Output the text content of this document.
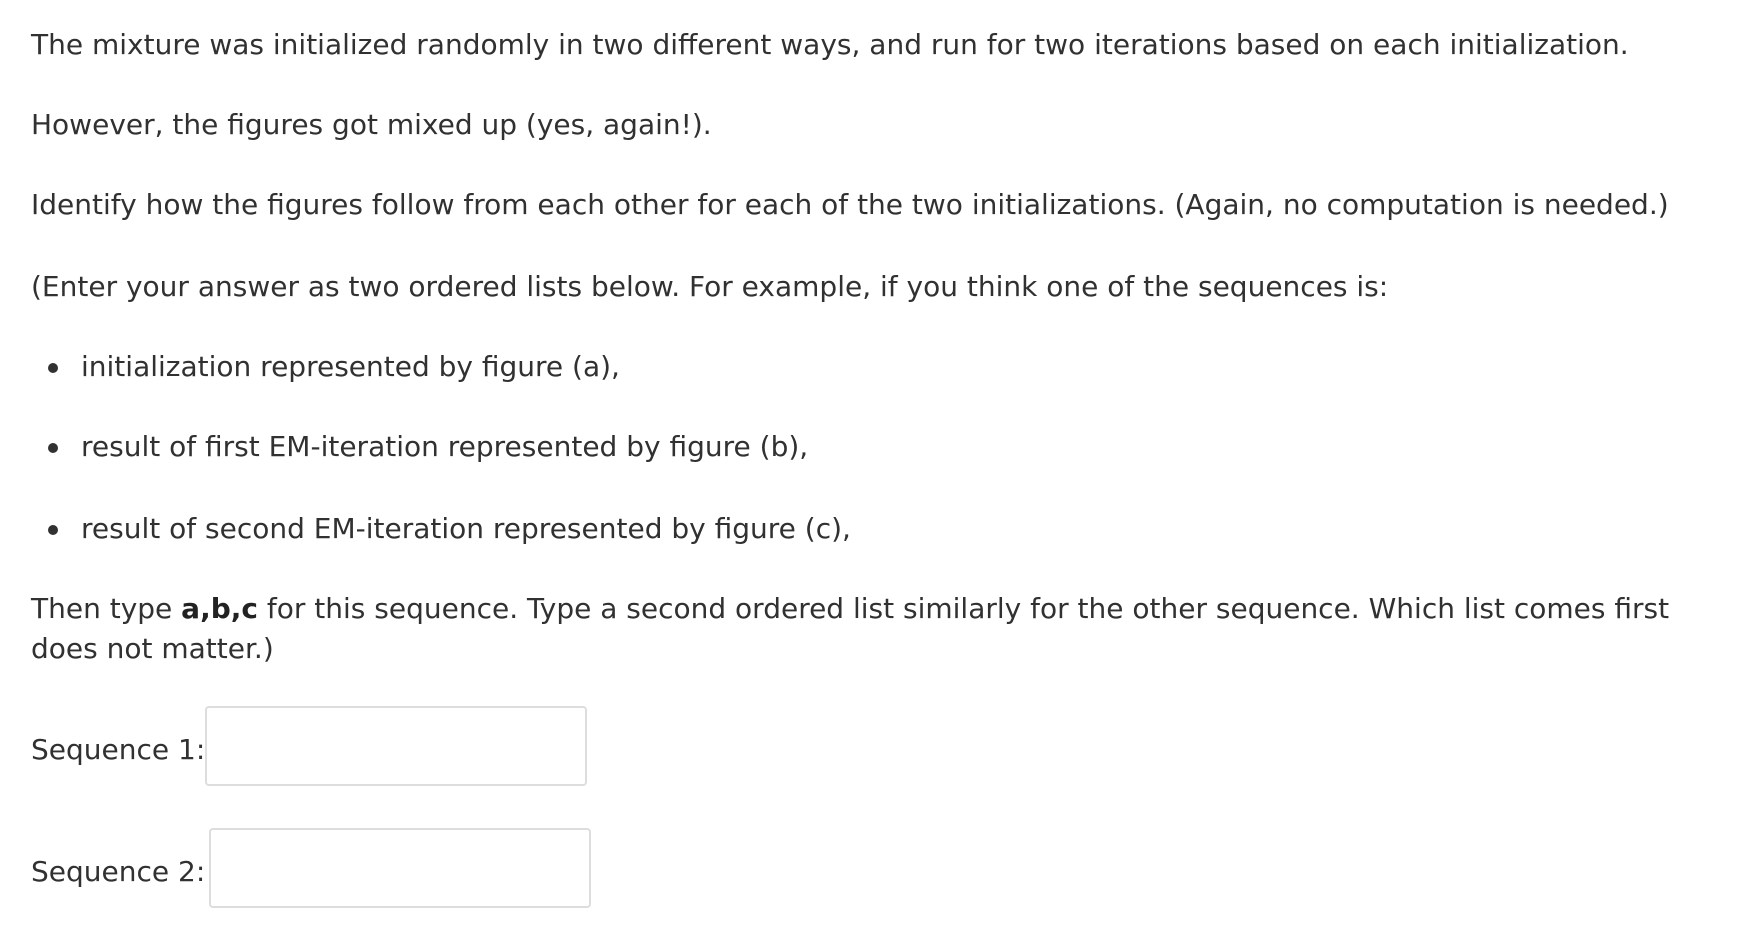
The mixture was initialized randomly in two different ways, and run for two iterations based on each initialization.
However, the figures got mixed up (yes, again!).
Identify how the figures follow from each other for each of the two initializations. (Again, no computation is needed.)
(Enter your answer as two ordered lists below. For example, if you think one of the sequences is:
initialization represented by figure (a),
result of first EM-iteration represented by figure (b),
result of second EM-iteration represented by figure (c),
Then type a,b,c for this sequence. Type a second ordered list similarly for the other sequence. Which list comes first does not matter.)
Sequence 1:
Sequence 2:
